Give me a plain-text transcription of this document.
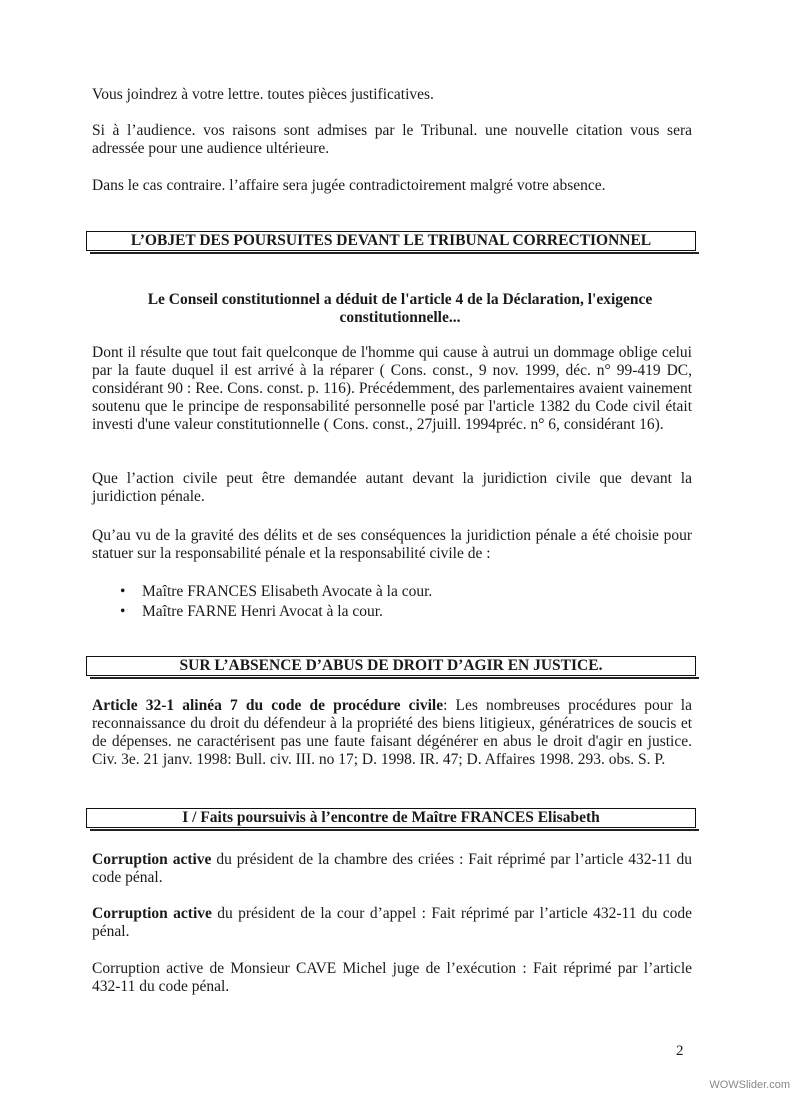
Vous joindrez à votre lettre. toutes pièces justificatives.

Si à l’audience. vos raisons sont admises par le Tribunal. une nouvelle citation vous sera adressée pour une audience ultérieure.

Dans le cas contraire. l’affaire sera jugée contradictoirement malgré votre absence.

L’OBJET DES POURSUITES DEVANT LE TRIBUNAL CORRECTIONNEL

Le Conseil constitutionnel a déduit de l'article 4 de la Déclaration, l'exigence constitutionnelle...

Dont il résulte que tout fait quelconque de l'homme qui cause à autrui un dommage oblige celui par la faute duquel il est arrivé à la réparer ( Cons. const., 9 nov. 1999, déc. n° 99-419 DC, considérant 90 : Ree. Cons. const. p. 116). Précédemment, des parlementaires avaient vainement soutenu que le principe de responsabilité personnelle posé par l'article 1382 du Code civil était investi d'une valeur constitutionnelle ( Cons. const., 27juill. 1994préc. n° 6, considérant 16).

Que l’action civile peut être demandée autant devant la juridiction civile que devant la juridiction pénale.

Qu’au vu de la gravité des délits et de ses conséquences la juridiction pénale a été choisie pour statuer sur la responsabilité pénale et la responsabilité civile de :

• Maître FRANCES Elisabeth Avocate à la cour.
• Maître FARNE Henri Avocat à la cour.
SUR L’ABSENCE D’ABUS DE DROIT D’AGIR EN JUSTICE.

Article 32-1 alinéa 7 du code de procédure civile: Les nombreuses procédures pour la reconnaissance du droit du défendeur à la propriété des biens litigieux, génératrices de soucis et de dépenses. ne caractérisent pas une faute faisant dégénérer en abus le droit d'agir en justice. Civ. 3e. 21 janv. 1998: Bull. civ. III. no 17; D. 1998. IR. 47; D. Affaires 1998. 293. obs. S. P.

I / Faits poursuivis à l’encontre de Maître FRANCES Elisabeth

Corruption active du président de la chambre des criées : Fait réprimé par l’article 432-11 du code pénal.

Corruption active du président de la cour d’appel : Fait réprimé par l’article 432-11 du code pénal.

Corruption active de Monsieur CAVE Michel juge de l’exécution : Fait réprimé par l’article 432-11 du code pénal.

2
WOWSlider.com
